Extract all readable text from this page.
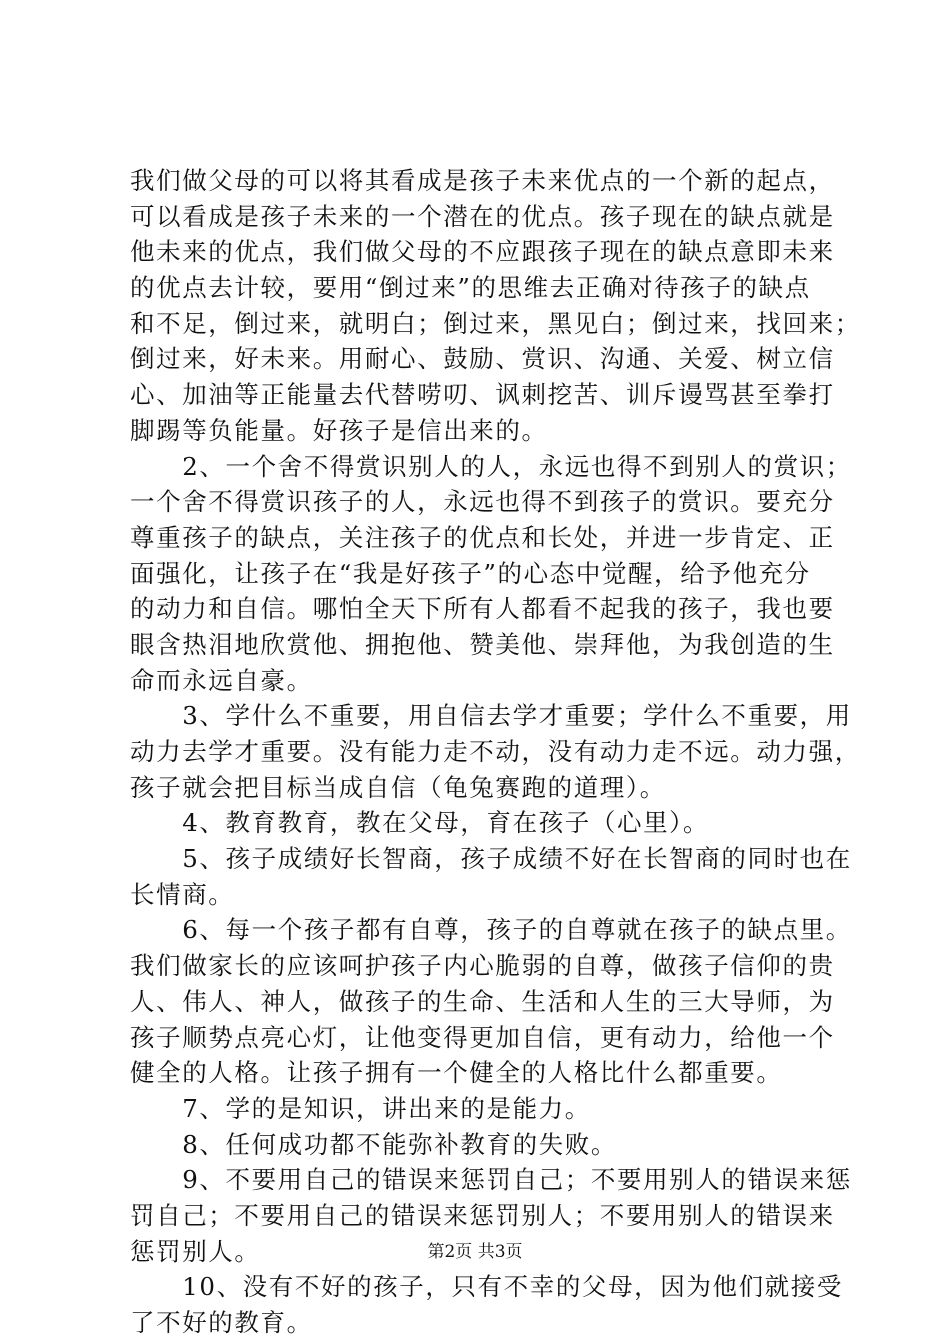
我们做父母的可以将其看成是孩子未来优点的一个新的起点，
可以看成是孩子未来的一个潜在的优点。孩子现在的缺点就是
他未来的优点，我们做父母的不应跟孩子现在的缺点意即未来
的优点去计较，要用“倒过来”的思维去正确对待孩子的缺点
和不足，倒过来，就明白；倒过来，黑见白；倒过来，找回来；
倒过来，好未来。用耐心、鼓励、赏识、沟通、关爱、树立信
心、加油等正能量去代替唠叨、讽刺挖苦、训斥谩骂甚至拳打
脚踢等负能量。好孩子是信出来的。
　　2、一个舍不得赏识别人的人，永远也得不到别人的赏识；
一个舍不得赏识孩子的人，永远也得不到孩子的赏识。要充分
尊重孩子的缺点，关注孩子的优点和长处，并进一步肯定、正
面强化，让孩子在“我是好孩子”的心态中觉醒，给予他充分
的动力和自信。哪怕全天下所有人都看不起我的孩子，我也要
眼含热泪地欣赏他、拥抱他、赞美他、崇拜他，为我创造的生
命而永远自豪。
　　3、学什么不重要，用自信去学才重要；学什么不重要，用
动力去学才重要。没有能力走不动，没有动力走不远。动力强，
孩子就会把目标当成自信（龟兔赛跑的道理）。
　　4、教育教育，教在父母，育在孩子（心里）。
　　5、孩子成绩好长智商，孩子成绩不好在长智商的同时也在
长情商。
　　6、每一个孩子都有自尊，孩子的自尊就在孩子的缺点里。
我们做家长的应该呵护孩子内心脆弱的自尊，做孩子信仰的贵
人、伟人、神人，做孩子的生命、生活和人生的三大导师，为
孩子顺势点亮心灯，让他变得更加自信，更有动力，给他一个
健全的人格。让孩子拥有一个健全的人格比什么都重要。
　　7、学的是知识，讲出来的是能力。
　　8、任何成功都不能弥补教育的失败。
　　9、不要用自己的错误来惩罚自己；不要用别人的错误来惩
罚自己；不要用自己的错误来惩罚别人；不要用别人的错误来
惩罚别人。
　　10、没有不好的孩子，只有不幸的父母，因为他们就接受
了不好的教育。
第2页 共3页
